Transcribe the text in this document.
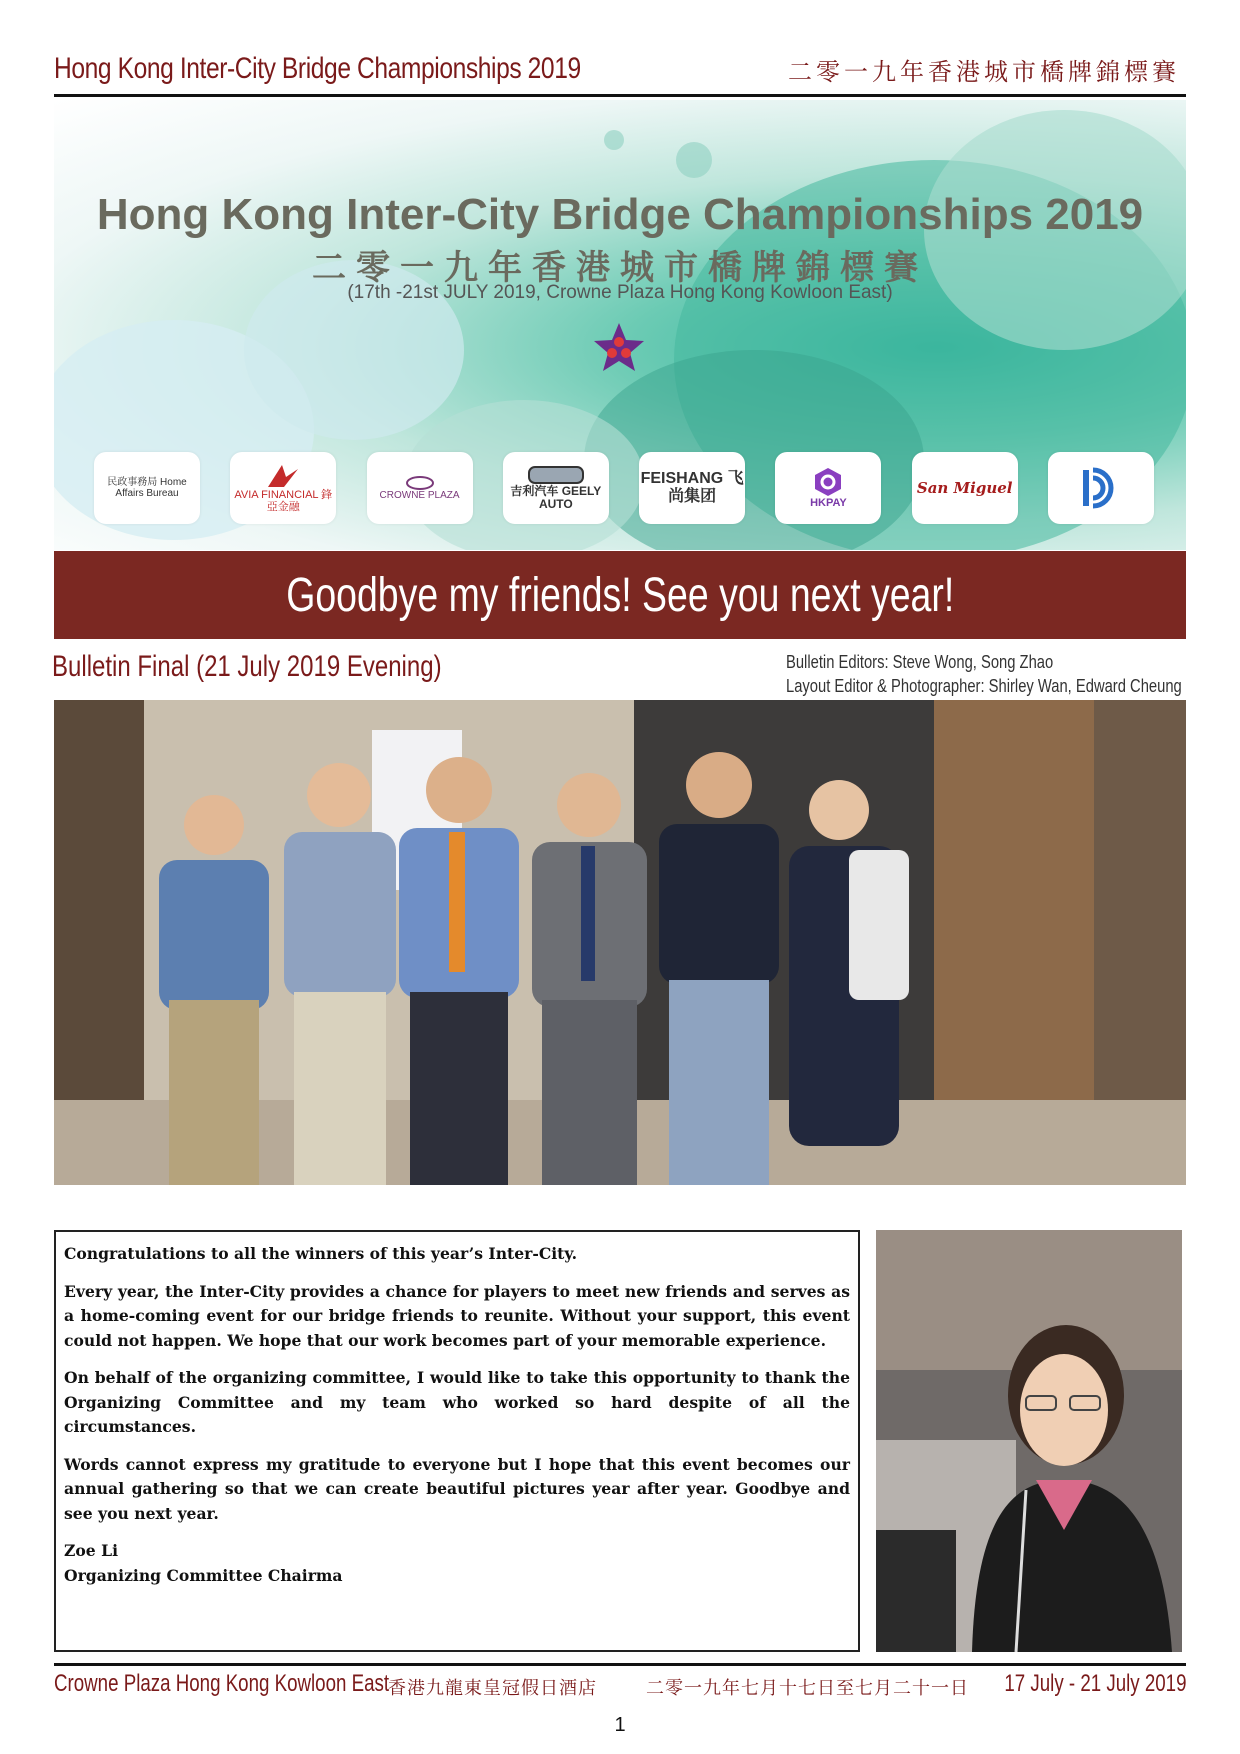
Hong Kong Inter-City Bridge Championships 2019	二零一九年香港城市橋牌錦標賽
Hong Kong Inter-City Bridge Championships 2019
二零一九年香港城市橋牌錦標賽
(17th -21st JULY 2019, Crowne Plaza Hong Kong Kowloon East)
民政事務局 Home Affairs Bureau	AVIA FINANCIAL 鋒亞金融
CROWNE PLAZA	吉利汽车 GEELY AUTO
FEISHANG 飞尚集团	HKPAY
San Miguel
Goodbye my friends! See you next year!
Bulletin Final (21 July 2019 Evening)	Bulletin Editors: Steve Wong, Song Zhao
Layout Editor & Photographer: Shirley Wan, Edward Cheung

Congratulations to all the winners of this year’s Inter-City.

Every year, the Inter-City provides a chance for players to meet new friends and serves as a home-coming event for our bridge friends to reunite. Without your support, this event could not happen. We hope that our work becomes part of your memorable experience.

On behalf of the organizing committee, I would like to take this opportunity to thank the Organizing Committee and my team who worked so hard despite of all the circumstances.

Words cannot express my gratitude to everyone but I hope that this event becomes our annual gathering so that we can create beautiful pictures year after year. Goodbye and see you next year.

Zoe Li

Organizing Committee Chairma

Crowne Plaza Hong Kong Kowloon East
香港九龍東皇冠假日酒店	二零一九年七月十七日至七月二十一日 17 July - 21 July 2019
1
